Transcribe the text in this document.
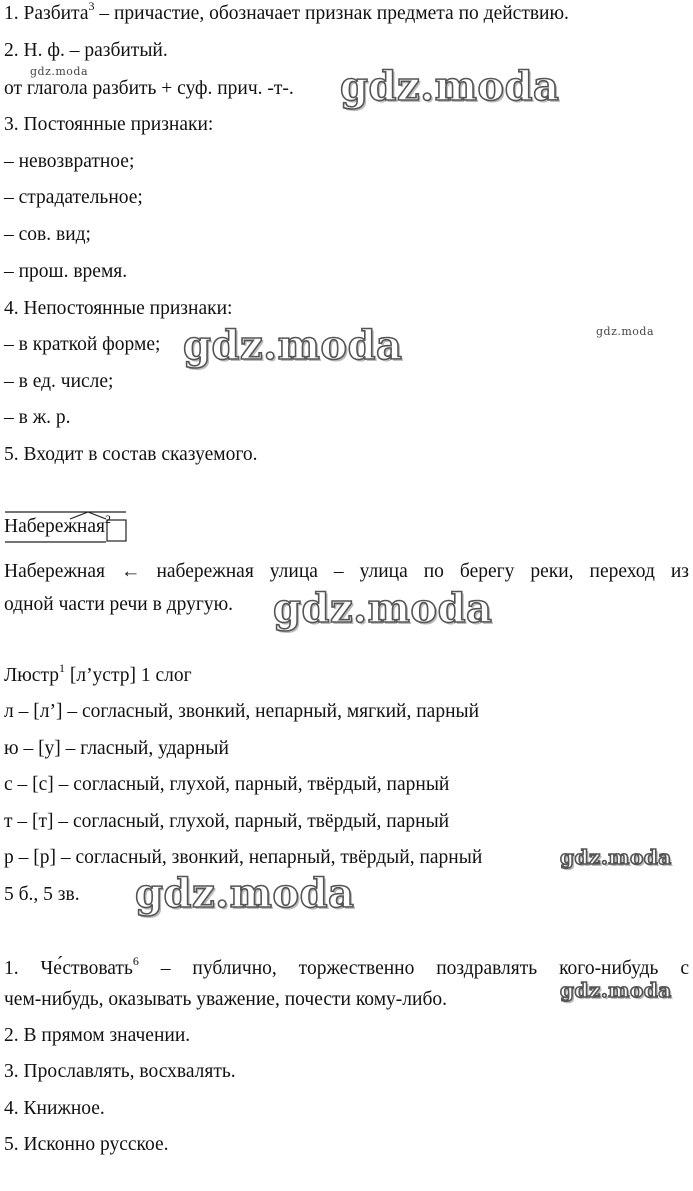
1. Разбита$^3$ – причастие, обозначает признак предмета по действию.
2. Н. ф. – разбитый.
от глагола разбить + суф. прич. -т-.
3. Постоянные признаки:
– невозвратное;
– страдательное;
– сов. вид;
– прош. время.
4. Непостоянные признаки:
– в краткой форме;
– в ед. числе;
– в ж. р.
5. Входит в состав сказуемого.
Набережная
$^2$
Набережная ← набережная улица – улица по берегу реки, переход из
одной части речи в другую.
Люстр$^1$ [л’устр] 1 слог
л – [л’] – согласный, звонкий, непарный, мягкий, парный
ю – [у] – гласный, ударный
с – [с] – согласный, глухой, парный, твёрдый, парный
т – [т] – согласный, глухой, парный, твёрдый, парный
р – [р] – согласный, звонкий, непарный, твёрдый, парный
5 б., 5 зв.
1. Че́ствовать$^6$ – публично, торжественно поздравлять кого-нибудь с
чем-нибудь, оказывать уважение, почести кому-либо.
2. В прямом значении.
3. Прославлять, восхвалять.
4. Книжное.
5. Исконно русское.
gdz.moda	gdz.moda
gdz.moda
gdz.moda
gdz.moda
gdz.moda
gdz.moda
gdz.moda
